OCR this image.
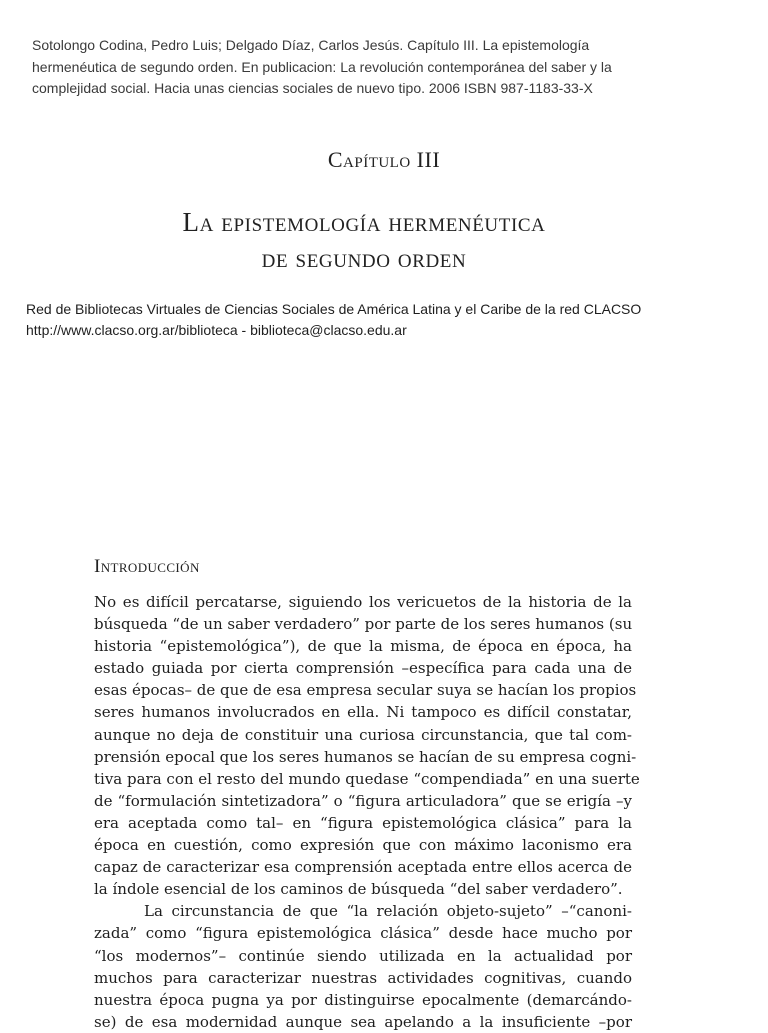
Sotolongo Codina, Pedro Luis; Delgado Díaz, Carlos Jesús. Capítulo III. La epistemología
hermenéutica de segundo orden. En publicacion: La revolución contemporánea del saber y la
complejidad social. Hacia unas ciencias sociales de nuevo tipo. 2006 ISBN 987-1183-33-X
Capítulo III
La epistemología hermenéutica
de segundo orden
Red de Bibliotecas Virtuales de Ciencias Sociales de América Latina y el Caribe de la red CLACSO
http://www.clacso.org.ar/biblioteca - biblioteca@clacso.edu.ar
Introducción
No es difícil percatarse, siguiendo los vericuetos de la historia de la
búsqueda “de un saber verdadero” por parte de los seres humanos (su
historia “epistemológica”), de que la misma, de época en época, ha
estado guiada por cierta comprensión –específica para cada una de
esas épocas– de que de esa empresa secular suya se hacían los propios
seres humanos involucrados en ella. Ni tampoco es difícil constatar,
aunque no deja de constituir una curiosa circunstancia, que tal com-
prensión epocal que los seres humanos se hacían de su empresa cogni-
tiva para con el resto del mundo quedase “compendiada” en una suerte
de “formulación sintetizadora” o “figura articuladora” que se erigía –y
era aceptada como tal– en “figura epistemológica clásica” para la
época en cuestión, como expresión que con máximo laconismo era
capaz de caracterizar esa comprensión aceptada entre ellos acerca de
la índole esencial de los caminos de búsqueda “del saber verdadero”.
La circunstancia de que “la relación objeto-sujeto” –“canoni-
zada” como “figura epistemológica clásica” desde hace mucho por
“los modernos”– continúe siendo utilizada en la actualidad por
muchos para caracterizar nuestras actividades cognitivas, cuando
nuestra época pugna ya por distinguirse epocalmente (demarcándo-
se) de esa modernidad aunque sea apelando a la insuficiente –por
